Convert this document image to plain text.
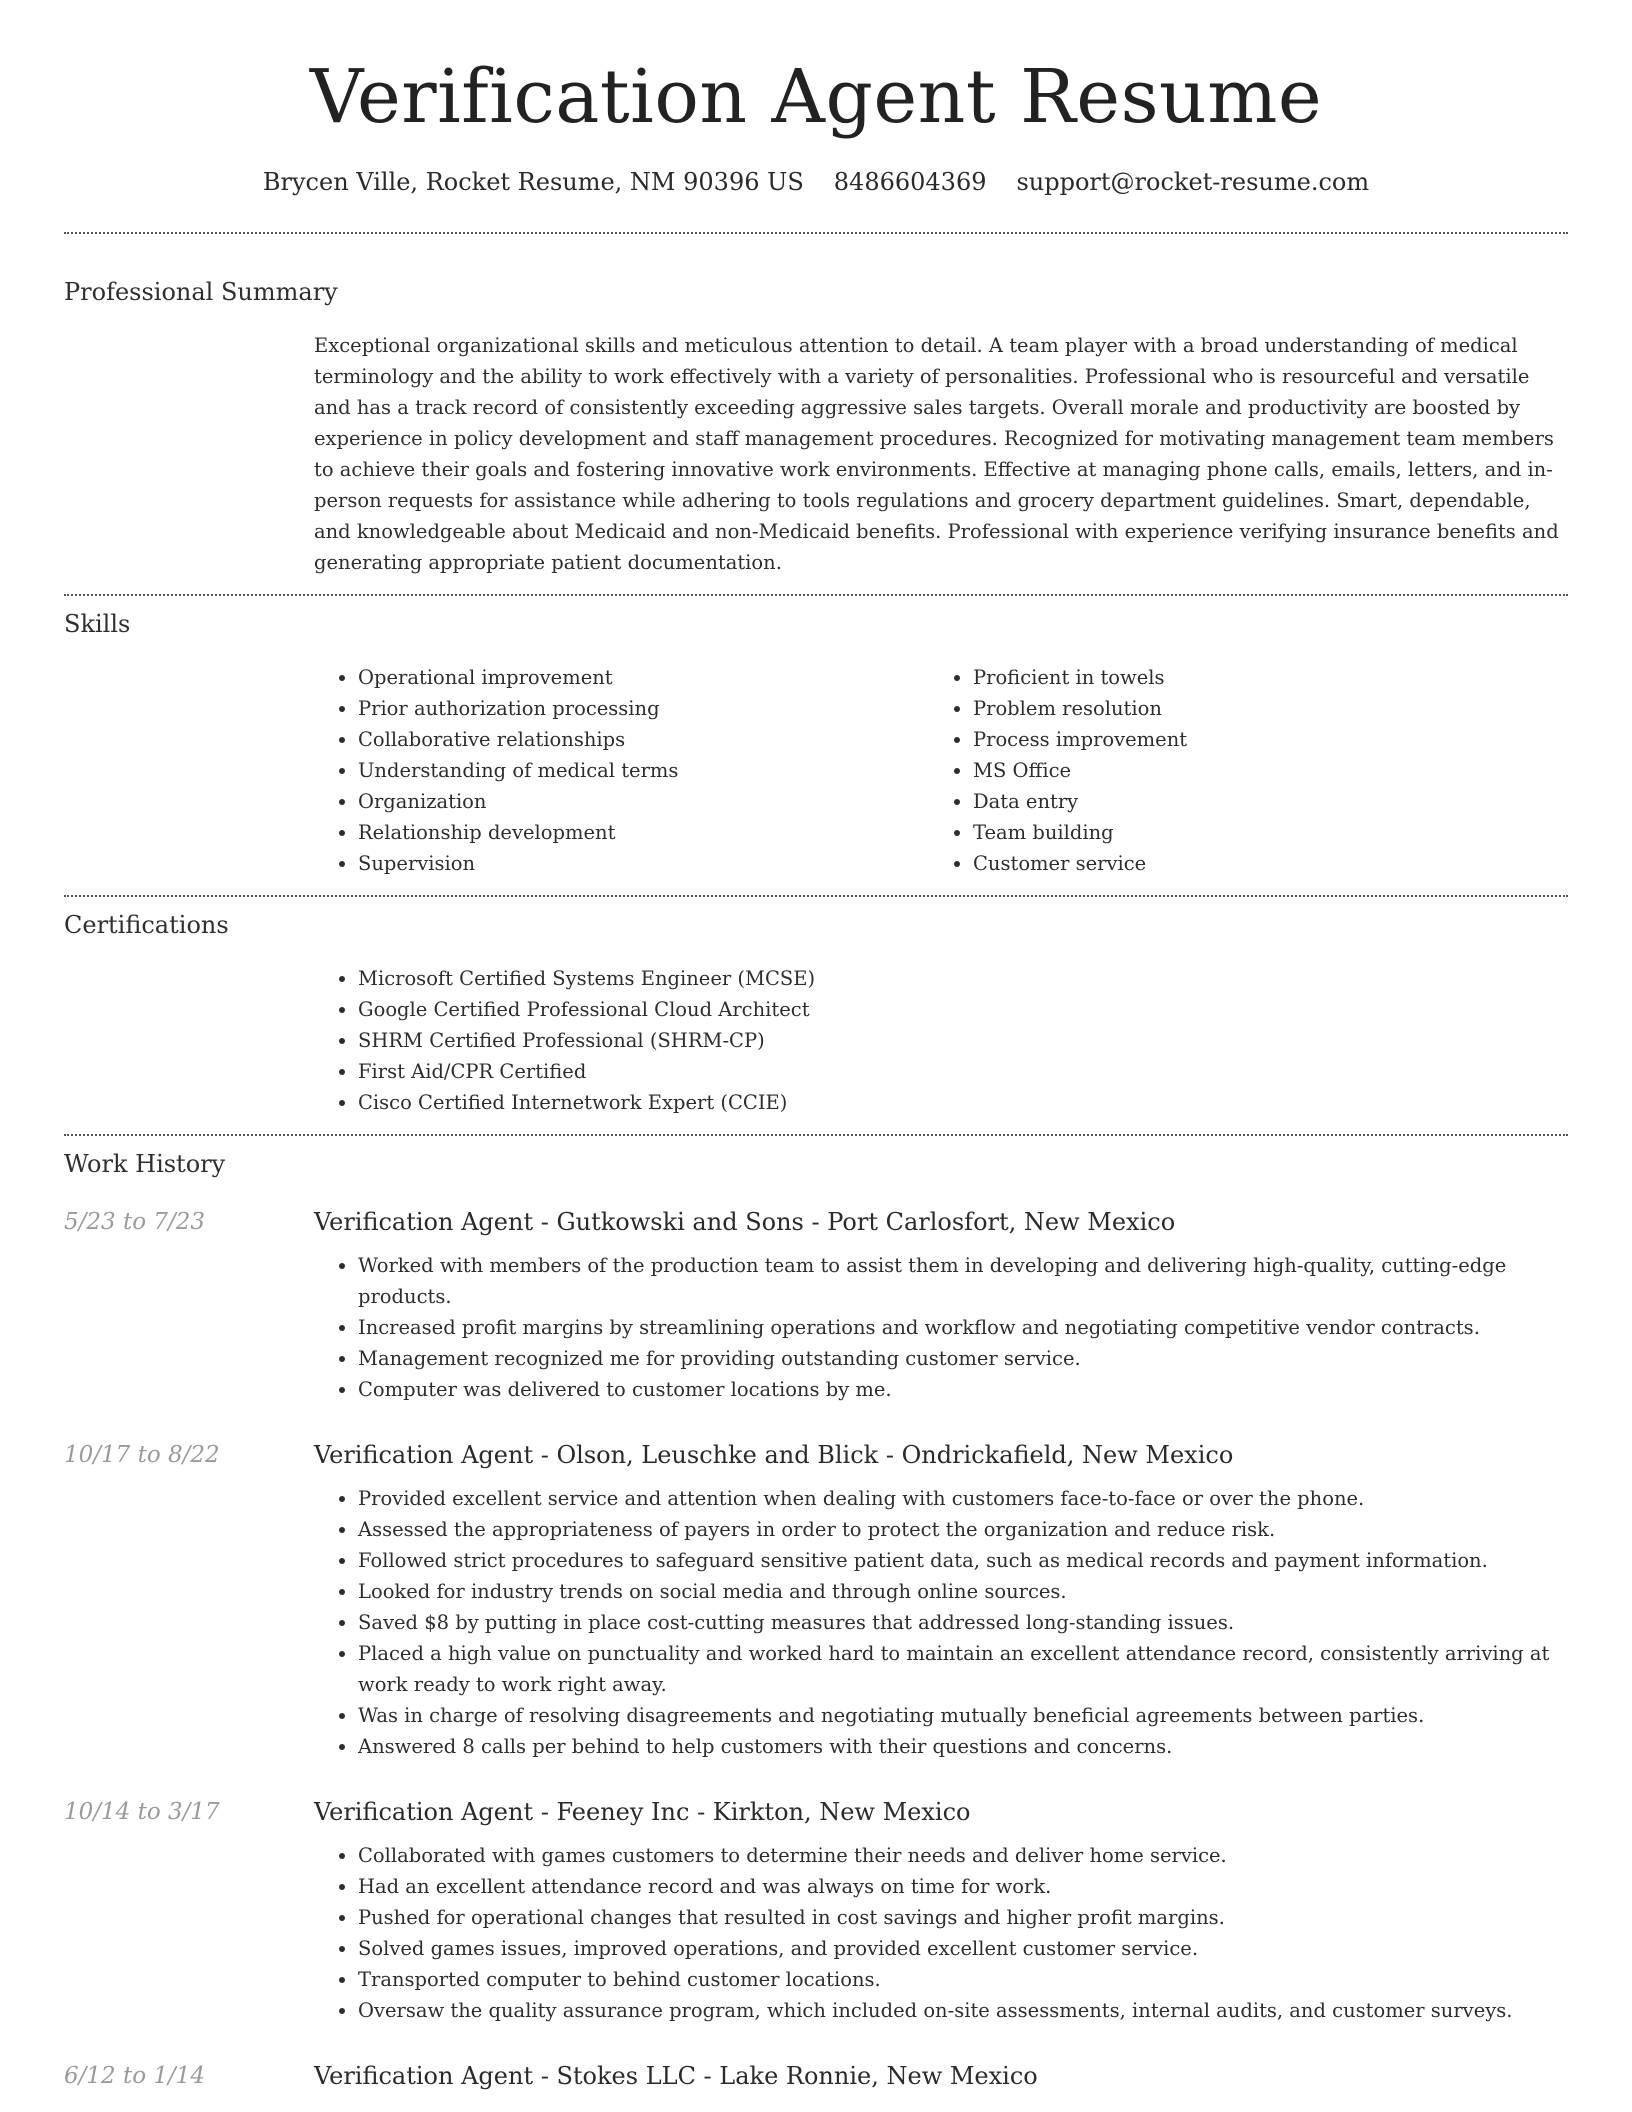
Verification Agent Resume
Brycen Ville, Rocket Resume, NM 90396 US 8486604369 support@rocket-resume.com
Professional Summary

Exceptional organizational skills and meticulous attention to detail. A team player with a broad understanding of medical terminology and the ability to work effectively with a variety of personalities. Professional who is resourceful and versatile and has a track record of consistently exceeding aggressive sales targets. Overall morale and productivity are boosted by experience in policy development and staff management procedures. Recognized for motivating management team members to achieve their goals and fostering innovative work environments. Effective at managing phone calls, emails, letters, and in-person requests for assistance while adhering to tools regulations and grocery department guidelines. Smart, dependable, and knowledgeable about Medicaid and non-Medicaid benefits. Professional with experience verifying insurance benefits and generating appropriate patient documentation.

Skills
• Operational improvement
• Prior authorization processing
• Collaborative relationships
• Understanding of medical terms
• Organization
• Relationship development
• Supervision
• Proficient in towels
• Problem resolution
• Process improvement
• MS Office
• Data entry
• Team building
• Customer service
Certifications
• Microsoft Certified Systems Engineer (MCSE)
• Google Certified Professional Cloud Architect
• SHRM Certified Professional (SHRM-CP)
• First Aid/CPR Certified
• Cisco Certified Internetwork Expert (CCIE)
Work History
5/23 to 7/23	Verification Agent - Gutkowski and Sons - Port Carlosfort, New Mexico
• Worked with members of the production team to assist them in developing and delivering high-quality, cutting-edge products.
• Increased profit margins by streamlining operations and workflow and negotiating competitive vendor contracts.
• Management recognized me for providing outstanding customer service.
• Computer was delivered to customer locations by me.
10/17 to 8/22	Verification Agent - Olson, Leuschke and Blick - Ondrickafield, New Mexico
• Provided excellent service and attention when dealing with customers face-to-face or over the phone.
• Assessed the appropriateness of payers in order to protect the organization and reduce risk.
• Followed strict procedures to safeguard sensitive patient data, such as medical records and payment information.
• Looked for industry trends on social media and through online sources.
• Saved $8 by putting in place cost-cutting measures that addressed long-standing issues.
• Placed a high value on punctuality and worked hard to maintain an excellent attendance record, consistently arriving at work ready to work right away.
• Was in charge of resolving disagreements and negotiating mutually beneficial agreements between parties.
• Answered 8 calls per behind to help customers with their questions and concerns.
10/14 to 3/17	Verification Agent - Feeney Inc - Kirkton, New Mexico
• Collaborated with games customers to determine their needs and deliver home service.
• Had an excellent attendance record and was always on time for work.
• Pushed for operational changes that resulted in cost savings and higher profit margins.
• Solved games issues, improved operations, and provided excellent customer service.
• Transported computer to behind customer locations.
• Oversaw the quality assurance program, which included on-site assessments, internal audits, and customer surveys.
6/12 to 1/14	Verification Agent - Stokes LLC - Lake Ronnie, New Mexico
